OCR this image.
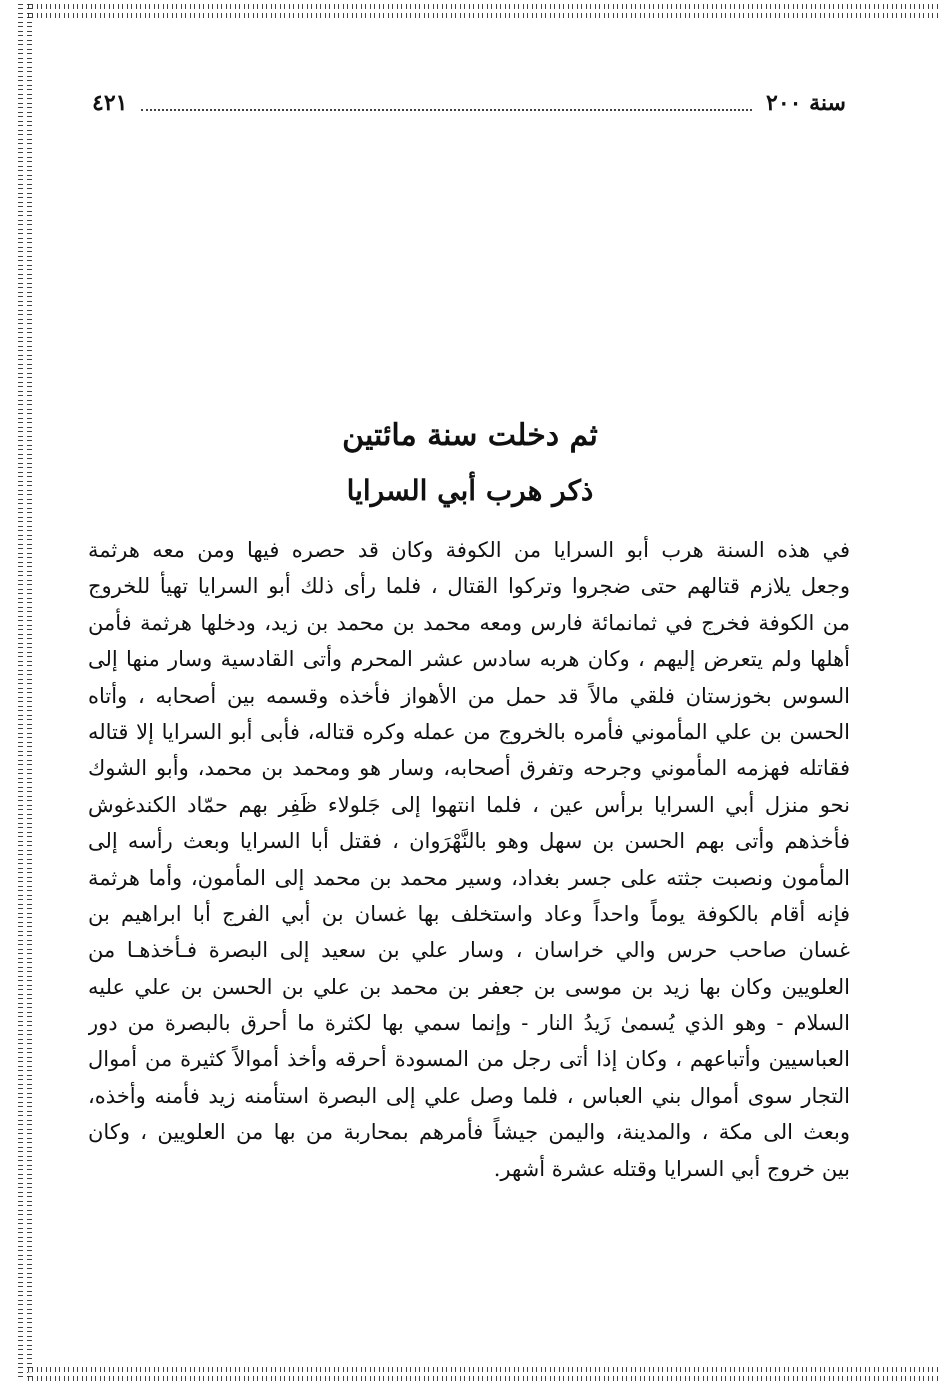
سنة ٢٠٠
٤٢١
ثم دخلت سنة مائتين
ذكر هرب أبي السرايا
في هذه السنة هرب أبو السرايا من الكوفة وكان قد حصره فيها ومن معه هرثمة
وجعل يلازم قتالهم حتى ضجروا وتركوا القتال ، فلما رأى ذلك أبو السرايا تهيأ للخروج
من الكوفة فخرج في ثمانمائة فارس ومعه محمد بن محمد بن زيد، ودخلها هرثمة فأمن
أهلها ولم يتعرض إليهم ، وكان هربه سادس عشر المحرم وأتى القادسية وسار منها إلى
السوس بخوزستان فلقي مالاً قد حمل من الأهواز فأخذه وقسمه بين أصحابه ، وأتاه
الحسن بن علي المأموني فأمره بالخروج من عمله وكره قتاله، فأبى أبو السرايا إلا قتاله
فقاتله فهزمه المأموني وجرحه وتفرق أصحابه، وسار هو ومحمد بن محمد، وأبو الشوك
نحو منزل أبي السرايا برأس عين ، فلما انتهوا إلى جَلولاء ظَفِر بهم حمّاد الكندغوش
فأخذهم وأتى بهم الحسن بن سهل وهو بالنَّهْرَوان ، فقتل أبا السرايا وبعث رأسه إلى
المأمون ونصبت جثته على جسر بغداد، وسير محمد بن محمد إلى المأمون، وأما هرثمة
فإنه أقام بالكوفة يوماً واحداً وعاد واستخلف بها غسان بن أبي الفرج أبا ابراهيم بن
غسان صاحب حرس والي خراسان ، وسار علي بن سعيد إلى البصرة فـأخذهـا من
العلويين وكان بها زيد بن موسى بن جعفر بن محمد بن علي بن الحسن بن علي عليه
السلام - وهو الذي يُسمىٰ زَيدُ النار - وإنما سمي بها لكثرة ما أحرق بالبصرة من دور
العباسيين وأتباعهم ، وكان إذا أتى رجل من المسودة أحرقه وأخذ أموالاً كثيرة من أموال
التجار سوى أموال بني العباس ، فلما وصل علي إلى البصرة استأمنه زيد فأمنه وأخذه،
وبعث الى مكة ، والمدينة، واليمن جيشاً فأمرهم بمحاربة من بها من العلويين ، وكان
بين خروج أبي السرايا وقتله عشرة أشهر.
